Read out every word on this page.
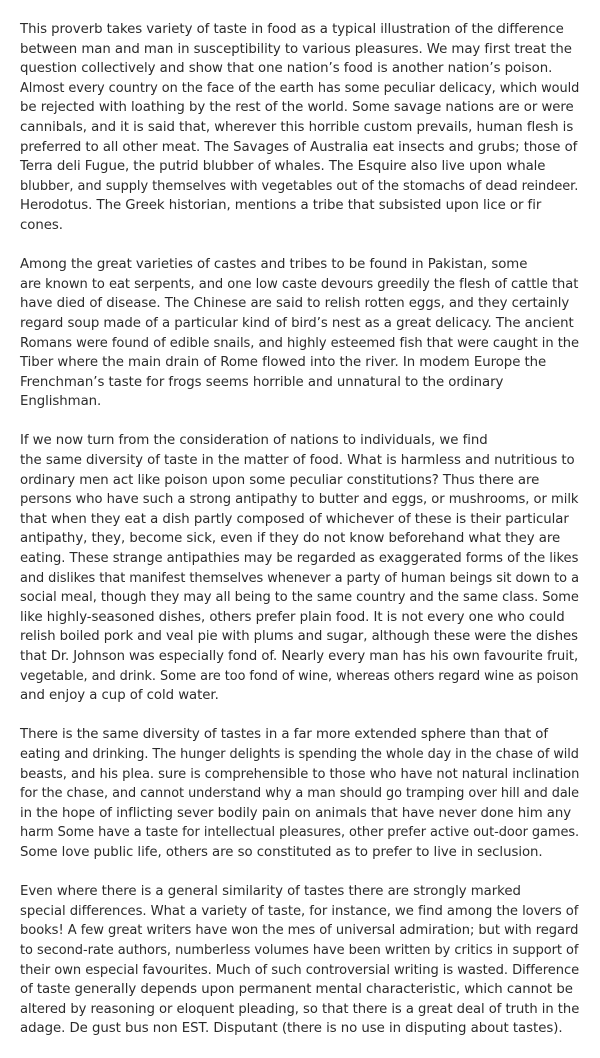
This proverb takes variety of taste in food as a typical illustration of the difference
between man and man in susceptibility to various pleasures. We may first treat the
question collectively and show that one nation’s food is another nation’s poison.
Almost every country on the face of the earth has some peculiar delicacy, which would
be rejected with loathing by the rest of the world. Some savage nations are or were
cannibals, and it is said that, wherever this horrible custom prevails, human flesh is
preferred to all other meat. The Savages of Australia eat insects and grubs; those of
Terra deli Fugue, the putrid blubber of whales. The Esquire also live upon whale
blubber, and supply themselves with vegetables out of the stomachs of dead reindeer.
Herodotus. The Greek historian, mentions a tribe that subsisted upon lice or fir
cones.

Among the great varieties of castes and tribes to be found in Pakistan, some
are known to eat serpents, and one low caste devours greedily the flesh of cattle that
have died of disease. The Chinese are said to relish rotten eggs, and they certainly
regard soup made of a particular kind of bird’s nest as a great delicacy. The ancient
Romans were found of edible snails, and highly esteemed fish that were caught in the
Tiber where the main drain of Rome flowed into the river. In modem Europe the
Frenchman’s taste for frogs seems horrible and unnatural to the ordinary
Englishman.

If we now turn from the consideration of nations to individuals, we find
the same diversity of taste in the matter of food. What is harmless and nutritious to
ordinary men act like poison upon some peculiar constitutions? Thus there are
persons who have such a strong antipathy to butter and eggs, or mushrooms, or milk
that when they eat a dish partly composed of whichever of these is their particular
antipathy, they, become sick, even if they do not know beforehand what they are
eating. These strange antipathies may be regarded as exaggerated forms of the likes
and dislikes that manifest themselves whenever a party of human beings sit down to a
social meal, though they may all being to the same country and the same class. Some
like highly-seasoned dishes, others prefer plain food. It is not every one who could
relish boiled pork and veal pie with plums and sugar, although these were the dishes
that Dr. Johnson was especially fond of. Nearly every man has his own favourite fruit,
vegetable, and drink. Some are too fond of wine, whereas others regard wine as poison
and enjoy a cup of cold water.

There is the same diversity of tastes in a far more extended sphere than that of
eating and drinking. The hunger delights is spending the whole day in the chase of wild
beasts, and his plea. sure is comprehensible to those who have not natural inclination
for the chase, and cannot understand why a man should go tramping over hill and dale
in the hope of inflicting sever bodily pain on animals that have never done him any
harm Some have a taste for intellectual pleasures, other prefer active out-door games.
Some love public life, others are so constituted as to prefer to live in seclusion.

Even where there is a general similarity of tastes there are strongly marked
special differences. What a variety of taste, for instance, we find among the lovers of
books! A few great writers have won the mes of universal admiration; but with regard
to second-rate authors, numberless volumes have been written by critics in support of
their own especial favourites. Much of such controversial writing is wasted. Difference
of taste generally depends upon permanent mental characteristic, which cannot be
altered by reasoning or eloquent pleading, so that there is a great deal of truth in the
adage. De gust bus non EST. Disputant (there is no use in disputing about tastes).
